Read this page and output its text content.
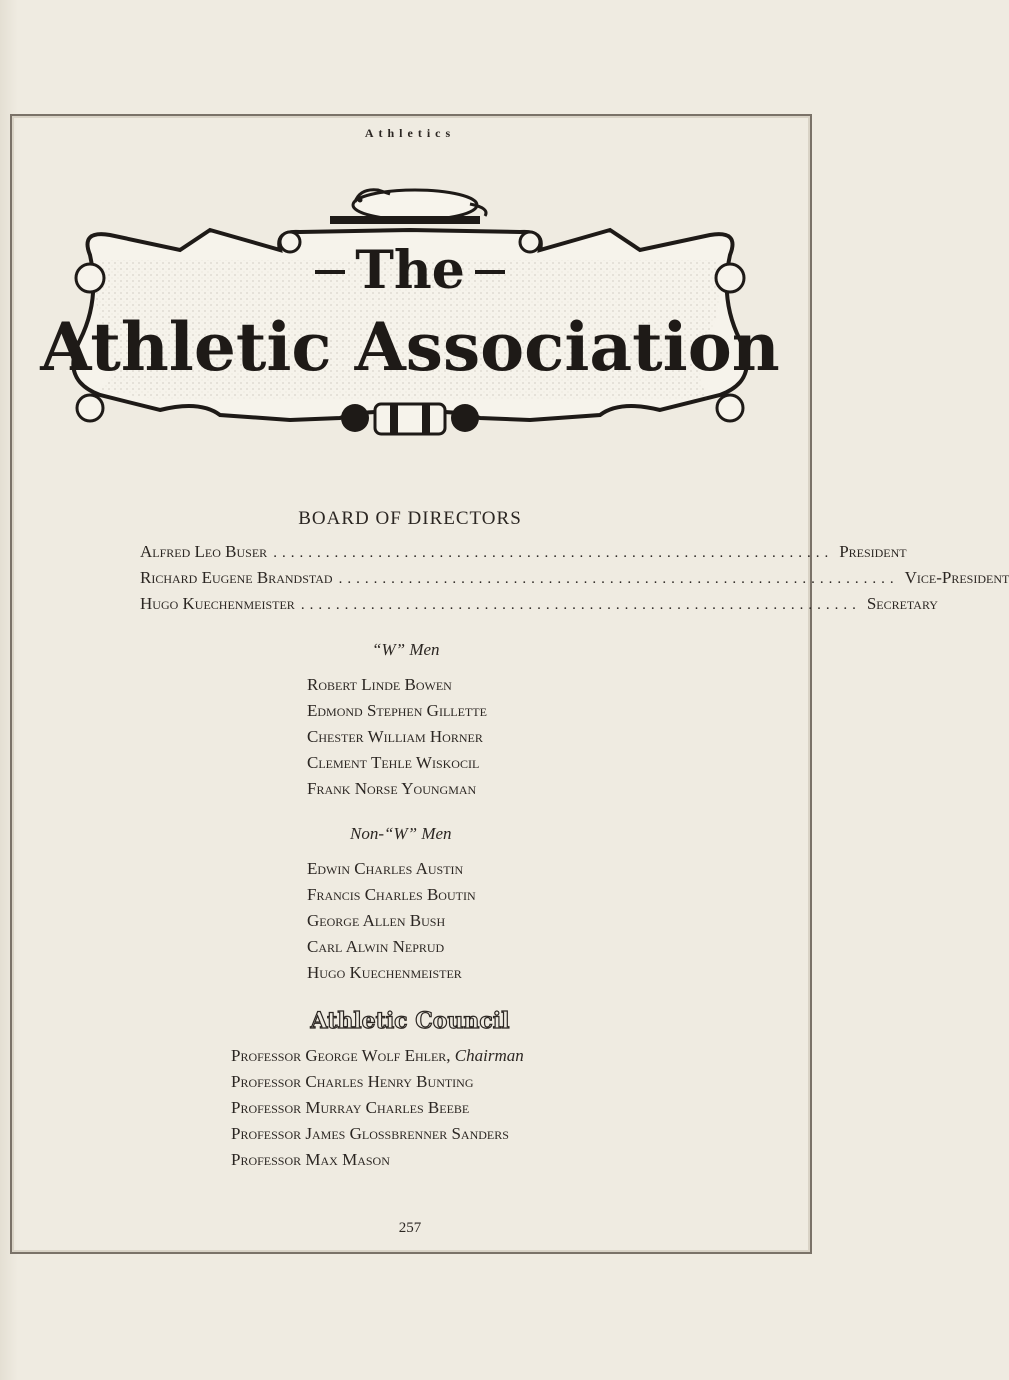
Athletics
The
Athletic Association
BOARD OF DIRECTORS
Alfred Leo Buser ................................................................ President
Richard Eugene Brandstad ................................................................ Vice-President
Hugo Kuechenmeister ................................................................ Secretary
“W” Men
Robert Linde Bowen
Edmond Stephen Gillette
Chester William Horner
Clement Tehle Wiskocil
Frank Norse Youngman
Non-“W” Men
Edwin Charles Austin
Francis Charles Boutin
George Allen Bush
Carl Alwin Neprud
Hugo Kuechenmeister
Athletic Council
Professor George Wolf Ehler, Chairman
Professor Charles Henry Bunting
Professor Murray Charles Beebe
Professor James Glossbrenner Sanders
Professor Max Mason
257
